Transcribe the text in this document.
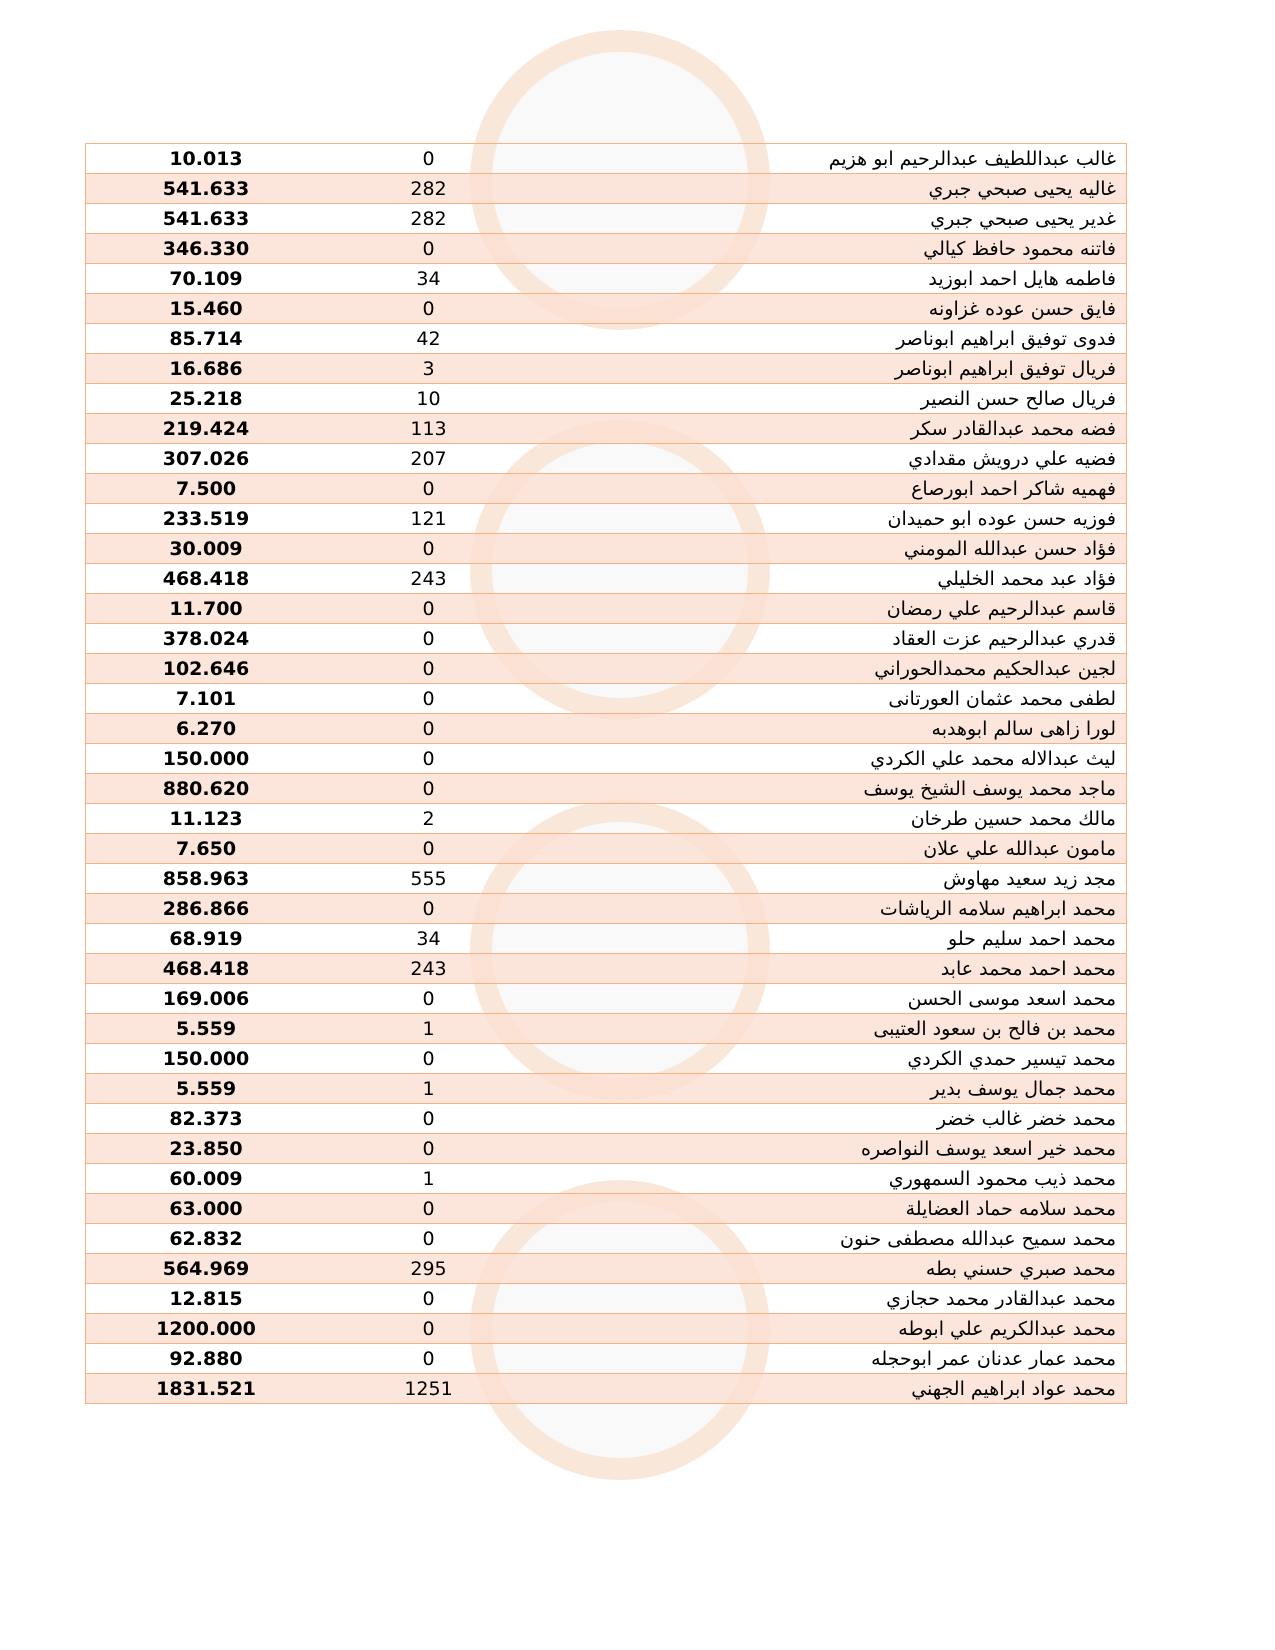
10.013	0	غالب عبداللطيف عبدالرحيم ابو هزيم
541.633	282	غاليه يحيى صبحي جبري
541.633	282	غدير يحيى صبحي جبري
346.330	0	فاتنه محمود حافظ كيالي
70.109	34	فاطمه هايل احمد ابوزيد
15.460	0	فايق حسن عوده غزاونه
85.714	42	فدوى توفيق ابراهيم ابوناصر
16.686	3	فريال توفيق ابراهيم ابوناصر
25.218	10	فريال صالح حسن النصير
219.424	113	فضه محمد عبدالقادر سكر
307.026	207	فضيه علي درويش مقدادي
7.500	0	فهميه شاكر احمد ابورصاع
233.519	121	فوزيه حسن عوده ابو حميدان
30.009	0	فؤاد حسن عبدالله المومني
468.418	243	فؤاد عبد محمد الخليلي
11.700	0	قاسم عبدالرحيم علي رمضان
378.024	0	قدري عبدالرحيم عزت العقاد
102.646	0	لجين عبدالحكيم محمدالحوراني
7.101	0	لطفى محمد عثمان العورتانى
6.270	0	لورا زاهى سالم ابوهدبه
150.000	0	ليث عبدالاله محمد علي الكردي
880.620	0	ماجد محمد يوسف الشيخ يوسف
11.123	2	مالك محمد حسين طرخان
7.650	0	مامون عبدالله علي علان
858.963	555	مجد زيد سعيد مهاوش
286.866	0	محمد ابراهيم سلامه الرياشات
68.919	34	محمد احمد سليم حلو
468.418	243	محمد احمد محمد عابد
169.006	0	محمد اسعد موسى الحسن
5.559	1	محمد بن فالح بن سعود العتيبى
150.000	0	محمد تيسير حمدي الكردي
5.559	1	محمد جمال يوسف بدير
82.373	0	محمد خضر غالب خضر
23.850	0	محمد خير اسعد يوسف النواصره
60.009	1	محمد ذيب محمود السمهوري
63.000	0	محمد سلامه حماد العضايلة
62.832	0	محمد سميح عبدالله مصطفى حنون
564.969	295	محمد صبري حسني بطه
12.815	0	محمد عبدالقادر محمد حجازي
1200.000	0	محمد عبدالكريم علي ابوطه
92.880	0	محمد عمار عدنان عمر ابوحجله
1831.521	1251	محمد عواد ابراهيم الجهني
